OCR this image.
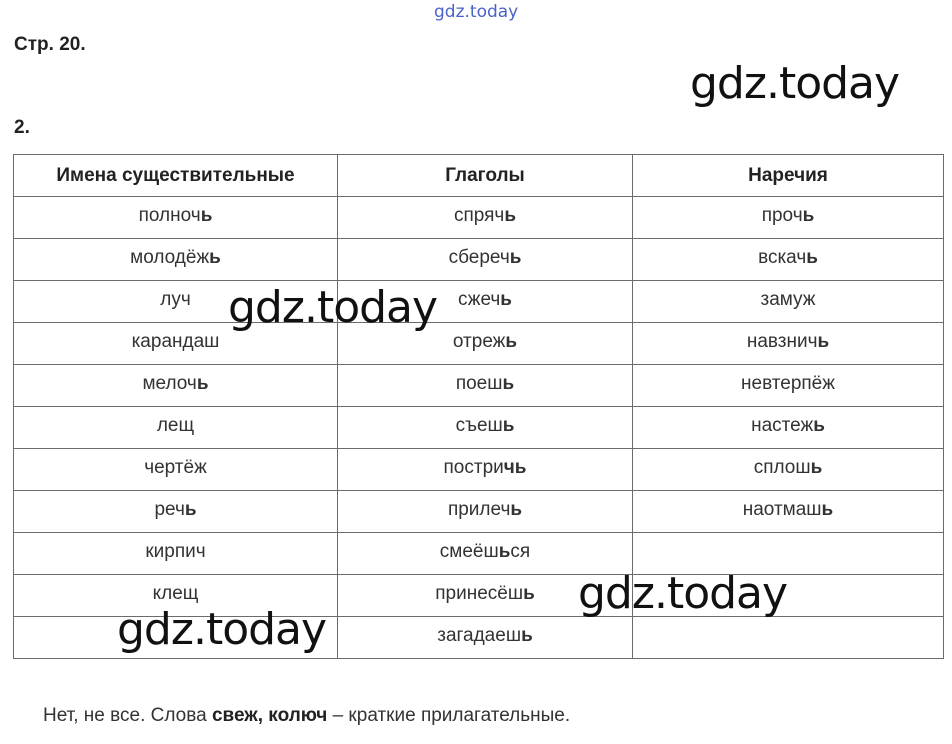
gdz.today
Стр. 20.
2.
Имена существительные	Глаголы	Наречия
полночь	спрячь	прочь
молодёжь	сберечь	вскачь
луч	сжечь	замуж
карандаш	отрежь	навзничь
мелочь	поешь	невтерпёж
лещ	съешь	настежь
чертёж	постричь	сплошь
речь	прилечь	наотмашь
кирпич	смеёшься	
клещ	принесёшь	
	загадаешь	
gdz.today
gdz.today
gdz.today
gdz.today
Нет, не все. Слова свеж, колюч – краткие прилагательные.
